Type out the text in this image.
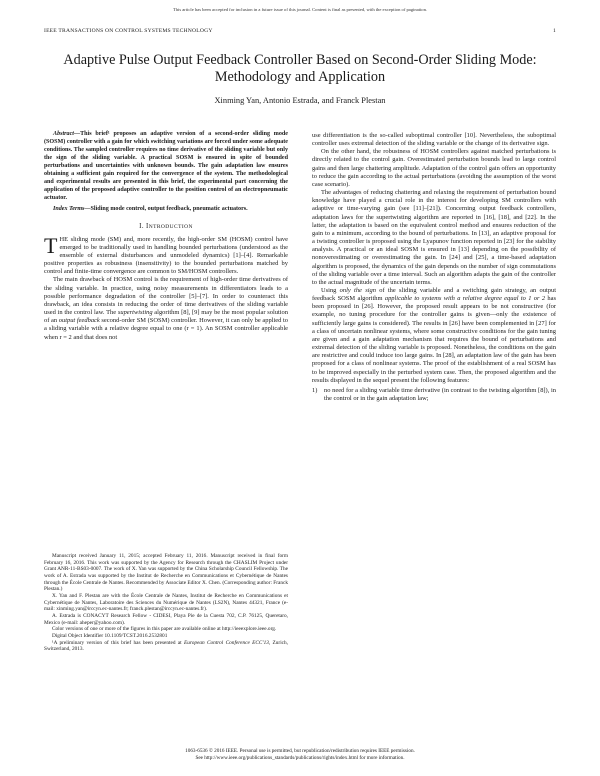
This article has been accepted for inclusion in a future issue of this journal. Content is final as presented, with the exception of pagination.
IEEE TRANSACTIONS ON CONTROL SYSTEMS TECHNOLOGY	1
Adaptive Pulse Output Feedback Controller Based on Second-Order Sliding Mode: Methodology and Application
Xinming Yan, Antonio Estrada, and Franck Plestan

Abstract—This brief¹ proposes an adaptive version of a second-order sliding mode (SOSM) controller with a gain for which switching variations are forced under some adequate conditions. The sampled controller requires no time derivative of the sliding variable but only the sign of the sliding variable. A practical SOSM is ensured in spite of bounded perturbations and uncertainties with unknown bounds. The gain adaptation law ensures obtaining a sufficient gain required for the convergence of the system. The methodological and experimental results are presented in this brief, the experimental part concerning the application of the proposed adaptive controller to the position control of an electropneumatic actuator.

Index Terms—Sliding mode control, output feedback, pneumatic actuators.

I. INTRODUCTION

THE sliding mode (SM) and, more recently, the high-order SM (HOSM) control have emerged to be traditionally used in handling bounded perturbations (understood as the ensemble of external disturbances and unmodeled dynamics) [1]–[4]. Remarkable positive properties as robustness (insensitivity) to the bounded perturbations matched by control and finite-time convergence are common to SM/HOSM controllers.

The main drawback of HOSM control is the requirement of high-order time derivatives of the sliding variable. In practice, using noisy measurements in differentiators leads to a possible performance degradation of the controller [5]–[7]. In order to counteract this drawback, an idea consists in reducing the order of time derivatives of the sliding variable used in the control law. The supertwisting algorithm [8], [9] may be the most popular solution of an output feedback second-order SM (SOSM) controller. However, it can only be applied to a sliding variable with a relative degree equal to one (r = 1). An SOSM controller applicable when r = 2 and that does not

Manuscript received January 11, 2015; accepted February 11, 2016. Manuscript received in final form February 16, 2016. This work was supported by the Agency for Research through the CHASLIM Project under Grant ANR-11-BS03-0007. The work of X. Yan was supported by the China Scholarship Council Fellowship. The work of A. Estrada was supported by the Institut de Recherche en Communications et Cybernétique de Nantes through the École Centrale de Nantes. Recommended by Associate Editor X. Chen. (Corresponding author: Franck Plestan.)

X. Yan and F. Plestan are with the École Centrale de Nantes, Institut de Recherche en Communications et Cybernétique de Nantes, Laboratoire des Sciences du Numérique de Nantes (LS2N), Nantes 44321, France (e-mail: xinming.yan@irccyn.ec-nantes.fr; franck.plestan@irccyn.ec-nantes.fr).

A. Estrada is CONACYT Research Fellow - CIDESI, Playa Pie de la Cuesta 702, C.P. 76125, Queretaro, Mexico (e-mail: aheper@yahoo.com).

Color versions of one or more of the figures in this paper are available online at http://ieeexplore.ieee.org.

Digital Object Identifier 10.1109/TCST.2016.2532801

¹A preliminary version of this brief has been presented at European Control Conference ECC'13, Zurich, Switzerland, 2013.

use differentiation is the so-called suboptimal controller [10]. Nevertheless, the suboptimal controller uses extremal detection of the sliding variable or the change of its derivative sign.

On the other hand, the robustness of HOSM controllers against matched perturbations is directly related to the control gain. Overestimated perturbation bounds lead to large control gains and then large chattering amplitude. Adaptation of the control gain offers an opportunity to reduce the gain according to the actual perturbations (avoiding the assumption of the worst case scenario).

The advantages of reducing chattering and relaxing the requirement of perturbation bound knowledge have played a crucial role in the interest for developing SM controllers with adaptive or time-varying gain (see [11]–[21]). Concerning output feedback controllers, adaptation laws for the supertwisting algorithm are reported in [16], [18], and [22]. In the latter, the adaptation is based on the equivalent control method and ensures reduction of the gain to a minimum, according to the bound of perturbations. In [13], an adaptive proposal for a twisting controller is proposed using the Lyapunov function reported in [23] for the stability analysis. A practical or an ideal SOSM is ensured in [13] depending on the possibility of nonoverestimating or overestimating the gain. In [24] and [25], a time-based adaptation algorithm is proposed, the dynamics of the gain depends on the number of sign commutations of the sliding variable over a time interval. Such an algorithm adapts the gain of the controller to the actual magnitude of the uncertain terms.

Using only the sign of the sliding variable and a switching gain strategy, an output feedback SOSM algorithm applicable to systems with a relative degree equal to 1 or 2 has been proposed in [26]. However, the proposed result appears to be not constructive (for example, no tuning procedure for the controller gains is given—only the existence of sufficiently large gains is considered). The results in [26] have been complemented in [27] for a class of uncertain nonlinear systems, where some constructive conditions for the gain tuning are given and a gain adaptation mechanism that requires the bound of perturbations and extremal detection of the sliding variable is proposed. Nonetheless, the conditions on the gain are restrictive and could induce too large gains. In [28], an adaptation law of the gain has been proposed for a class of nonlinear systems. The proof of the establishment of a real SOSM has to be improved especially in the perturbed system case. Then, the proposed algorithm and the results displayed in the sequel present the following features:

1)	no need for a sliding variable time derivative (in contrast to the twisting algorithm [8]), in the control or in the gain adaptation law;
1063-6536 © 2016 IEEE. Personal use is permitted, but republication/redistribution requires IEEE permission.
See http://www.ieee.org/publications_standards/publications/rights/index.html for more information.
